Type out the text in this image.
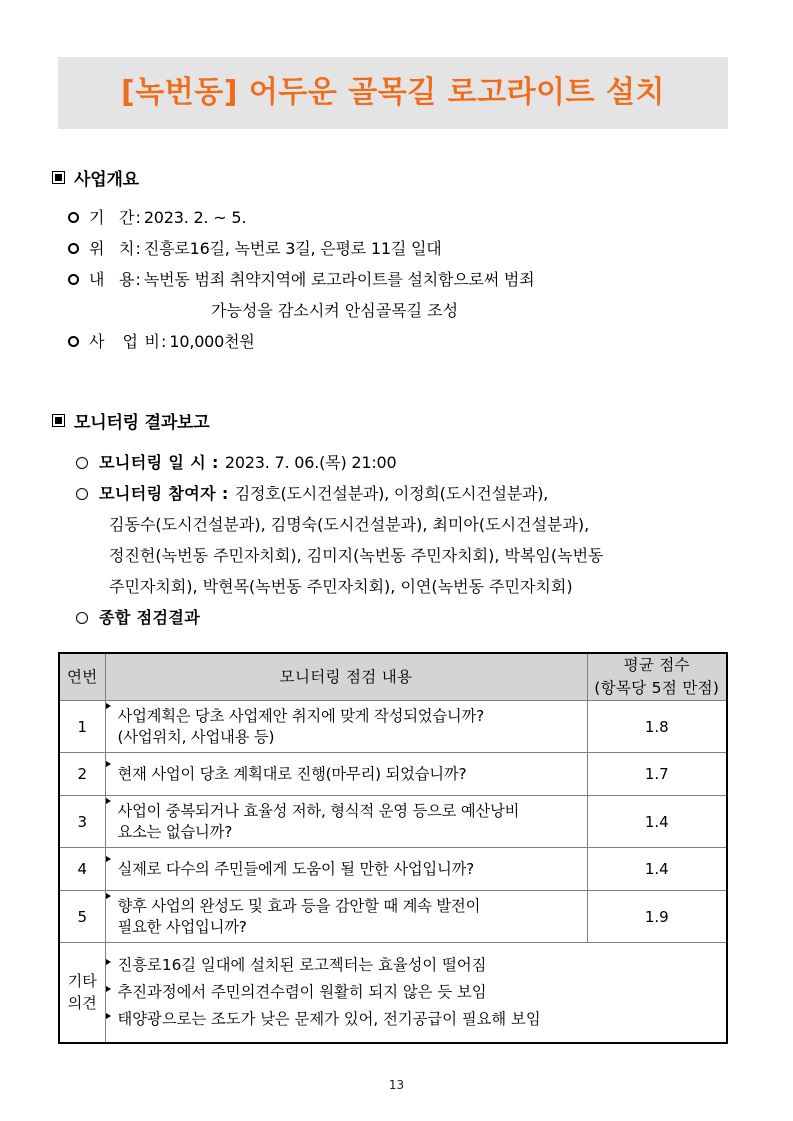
[녹번동] 어두운 골목길 로고라이트 설치
사업개요
기 간 : 2023. 2. ~ 5.
위 치 : 진흥로16길, 녹번로 3길, 은평로 11길 일대
내 용 : 녹번동 범죄 취약지역에 로고라이트를 설치함으로써 범죄
가능성을 감소시켜 안심골목길 조성
사 업 비 : 10,000천원
모니터링 결과보고
모니터링 일 시 : 2023. 7. 06.(목) 21:00
모니터링 참여자 : 김정호(도시건설분과), 이정희(도시건설분과),
김동수(도시건설분과), 김명숙(도시건설분과), 최미아(도시건설분과),
정진헌(녹번동 주민자치회), 김미지(녹번동 주민자치회), 박복임(녹번동
주민자치회), 박현목(녹번동 주민자치회), 이연(녹번동 주민자치회)
종합 점검결과
연번	모니터링 점검 내용	평균 점수
(항목당 5점 만점)

1	사업계획은 당초 사업제안 취지에 맞게 작성되었습니까?
(사업위치, 사업내용 등)	1.8
2	현재 사업이 당초 계획대로 진행(마무리) 되었습니까?	1.7
3	사업이 중복되거나 효율성 저하, 형식적 운영 등으로 예산낭비
요소는 없습니까?	1.4
4	실제로 다수의 주민들에게 도움이 될 만한 사업입니까?	1.4
5	향후 사업의 완성도 및 효과 등을 감안할 때 계속 발전이
필요한 사업입니까?	1.9

기타
의견

진흥로16길 일대에 설치된 로고젝터는 효율성이 떨어짐
추진과정에서 주민의견수렴이 원활히 되지 않은 듯 보임
태양광으로는 조도가 낮은 문제가 있어, 전기공급이 필요해 보임
13
